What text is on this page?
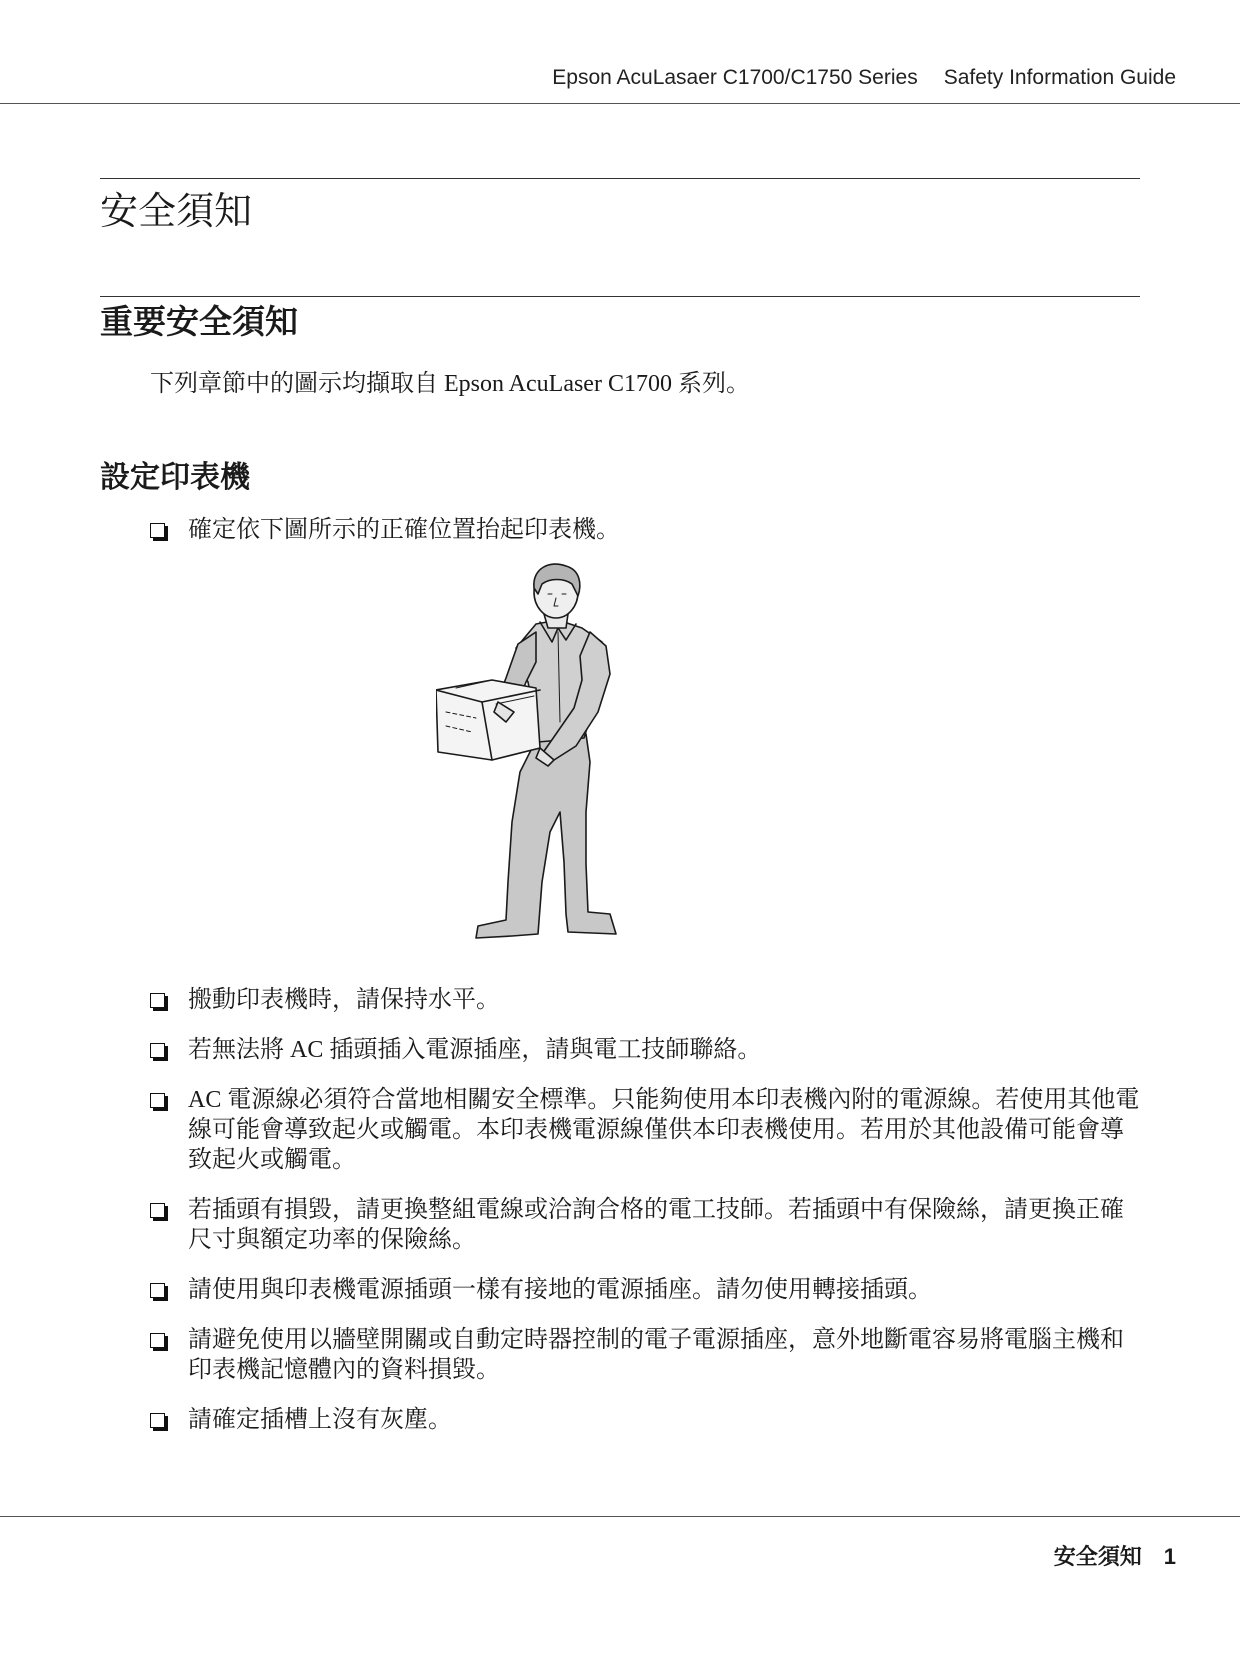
Epson AcuLasaer C1700/C1750 Series Safety Information Guide
安全須知
重要安全須知

下列章節中的圖示均擷取自 Epson AcuLaser C1700 系列。

設定印表機
確定依下圖所示的正確位置抬起印表機。
搬動印表機時，請保持水平。
若無法將 AC 插頭插入電源插座，請與電工技師聯絡。
AC 電源線必須符合當地相關安全標準。只能夠使用本印表機內附的電源線。若使用其他電線可能會導致起火或觸電。本印表機電源線僅供本印表機使用。若用於其他設備可能會導致起火或觸電。
若插頭有損毀，請更換整組電線或洽詢合格的電工技師。若插頭中有保險絲，請更換正確尺寸與額定功率的保險絲。
請使用與印表機電源插頭一樣有接地的電源插座。請勿使用轉接插頭。
請避免使用以牆壁開關或自動定時器控制的電子電源插座，意外地斷電容易將電腦主機和印表機記憶體內的資料損毀。
請確定插槽上沒有灰塵。
安全須知 1
